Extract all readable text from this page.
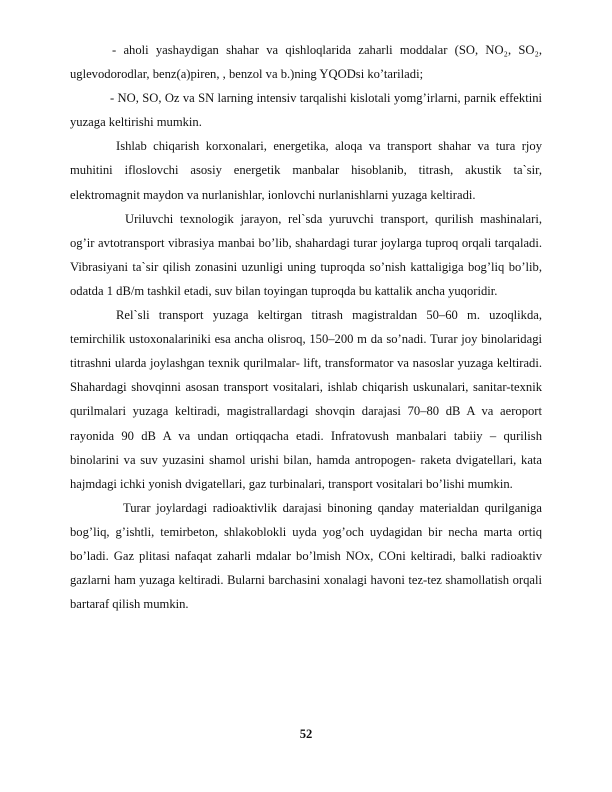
- aholi yashaydigan shahar va qishloqlarida zaharli moddalar (SO, NO₂, SO₂, uglevodorodlar, benz(a)piren, , benzol va b.)ning YQODsi ko’tariladi;

- NO, SO, Oz va SN larning intensiv tarqalishi kislotali yomg’irlarni, parnik effektini yuzaga keltirishi mumkin.

Ishlab chiqarish korxonalari, energetika, aloqa va transport shahar va tura rjoy muhitini ifloslovchi asosiy energetik manbalar hisoblanib, titrash, akustik ta`sir, elektromagnit maydon va nurlanishlar, ionlovchi nurlanishlarni yuzaga keltiradi.

Uriluvchi texnologik jarayon, rel`sda yuruvchi transport, qurilish mashinalari, og’ir avtotransport vibrasiya manbai bo’lib, shahardagi turar joylarga tuproq orqali tarqaladi. Vibrasiyani ta`sir qilish zonasini uzunligi uning tuproqda so’nish kattaligiga bog’liq bo’lib, odatda 1 dB/m tashkil etadi, suv bilan toyingan tuproqda bu kattalik ancha yuqoridir.

Rel`sli transport yuzaga keltirgan titrash magistraldan 50–60 m. uzoqlikda, temirchilik ustoxonalariniki esa ancha olisroq, 150–200 m da so’nadi. Turar joy binolaridagi titrashni ularda joylashgan texnik qurilmalar- lift, transformator va nasoslar yuzaga keltiradi. Shahardagi shovqinni asosan transport vositalari, ishlab chiqarish uskunalari, sanitar-texnik qurilmalari yuzaga keltiradi, magistrallardagi shovqin darajasi 70–80 dB A va aeroport rayonida 90 dB A va undan ortiqqacha etadi. Infratovush manbalari tabiiy – qurilish binolarini va suv yuzasini shamol urishi bilan, hamda antropogen- raketa dvigatellari, kata hajmdagi ichki yonish dvigatellari, gaz turbinalari, transport vositalari bo’lishi mumkin.

Turar joylardagi radioaktivlik darajasi binoning qanday materialdan qurilganiga bog’liq, g’ishtli, temirbeton, shlakoblokli uyda yog’och uydagidan bir necha marta ortiq bo’ladi. Gaz plitasi nafaqat zaharli mdalar bo’lmish NOx, COni keltiradi, balki radioaktiv gazlarni ham yuzaga keltiradi. Bularni barchasini xonalagi havoni tez-tez shamollatish orqali bartaraf qilish mumkin.

52
